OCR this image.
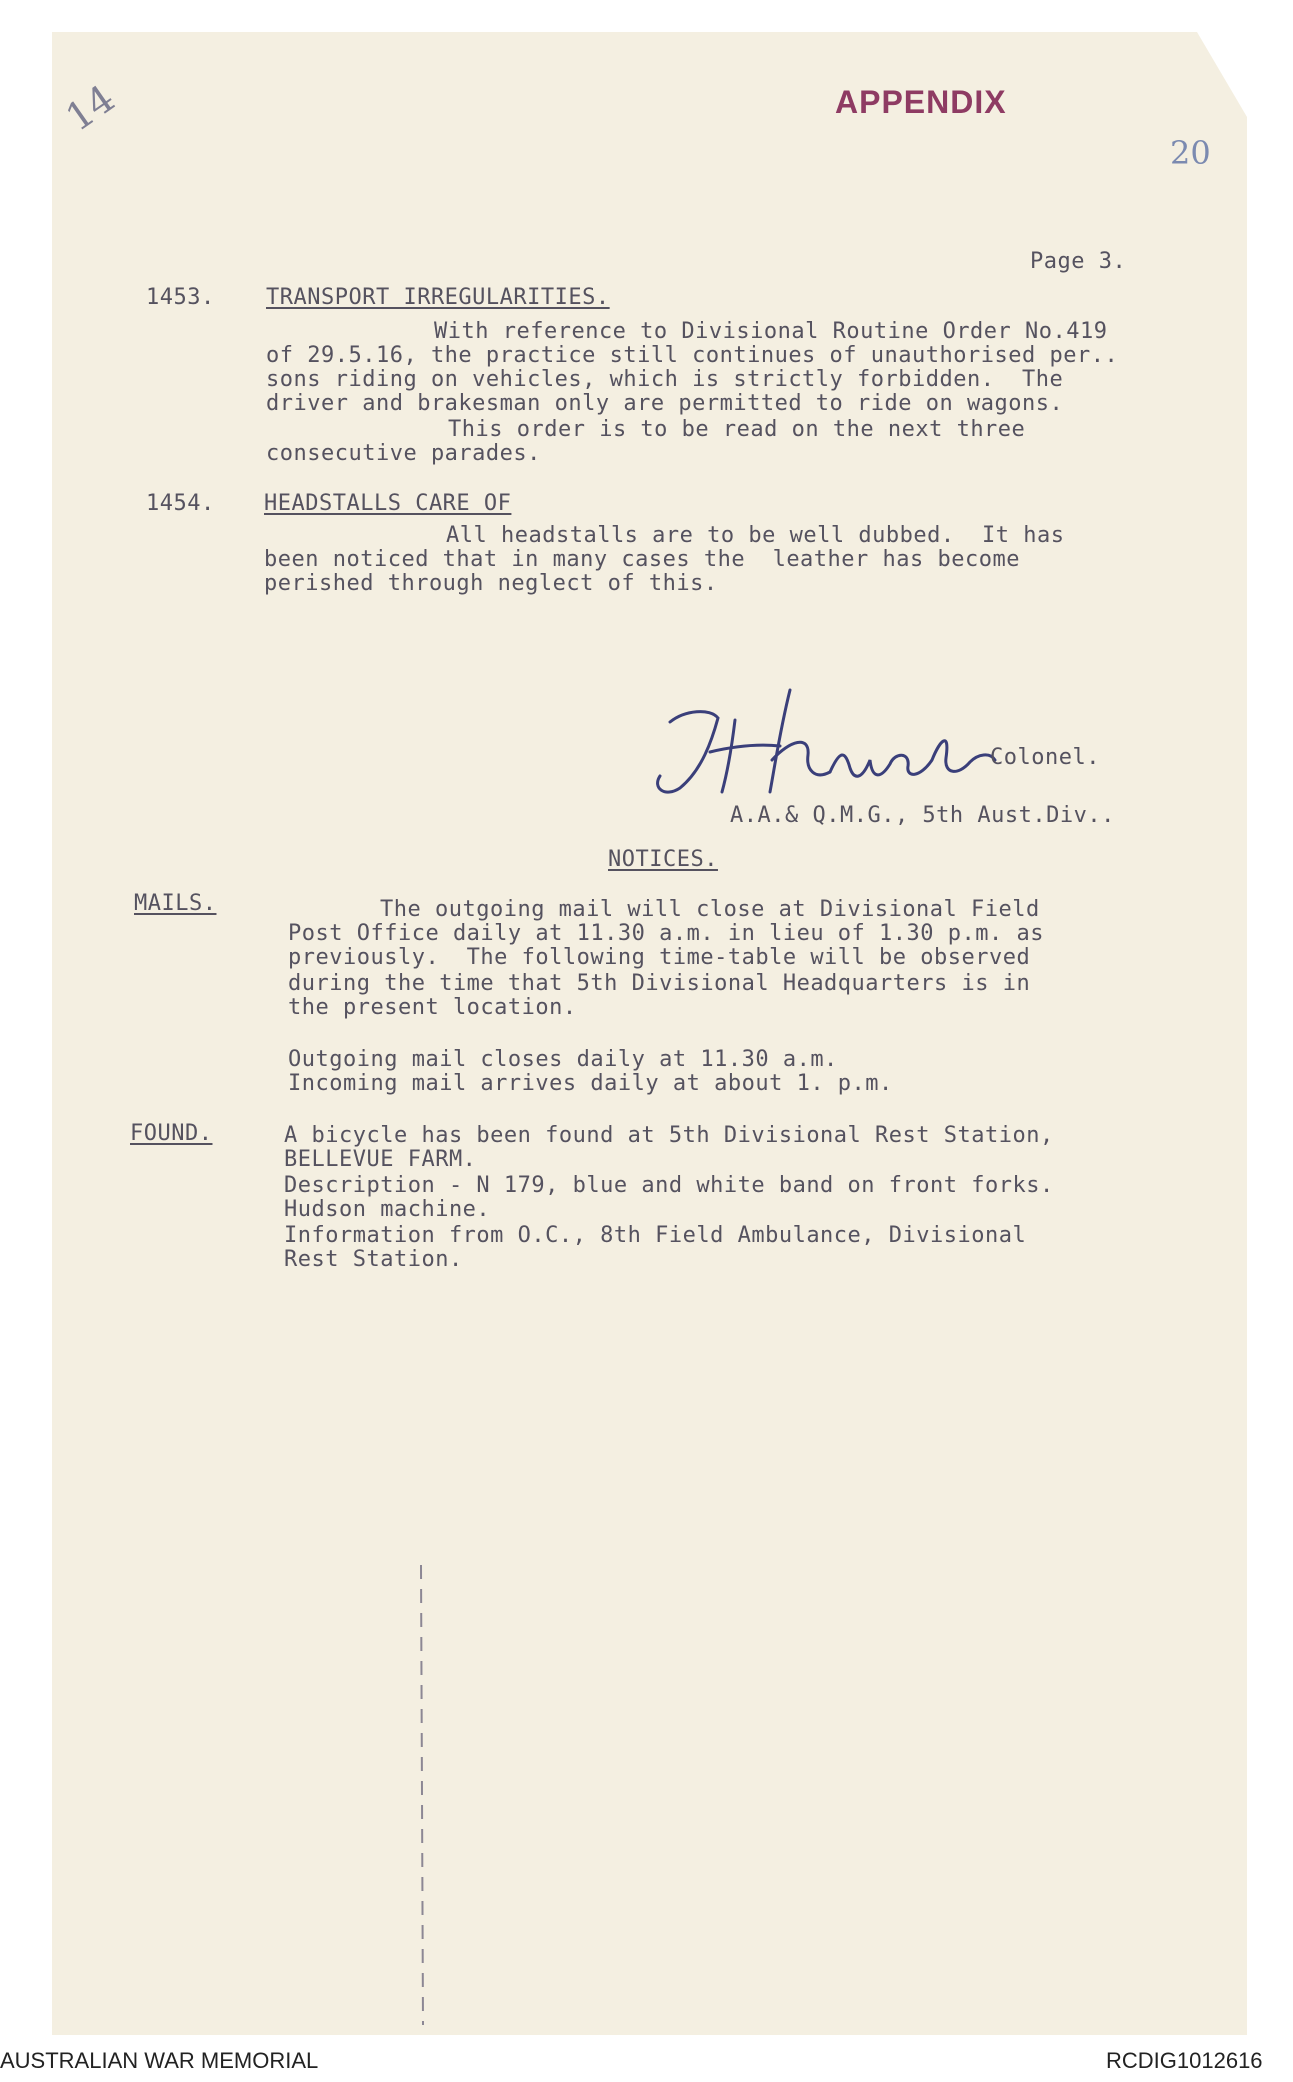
14
20
APPENDIX
Page 3.
1453. TRANSPORT IRREGULARITIES.
With reference to Divisional Routine Order No.419
of 29.5.16, the practice still continues of unauthorised per..
sons riding on vehicles, which is strictly forbidden.  The
driver and brakesman only are permitted to ride on wagons.
This order is to be read on the next three
consecutive parades.
1454. HEADSTALLS CARE OF
All headstalls are to be well dubbed.  It has
been noticed that in many cases the  leather has become
perished through neglect of this.
Colonel.
A.A.& Q.M.G., 5th Aust.Div..
NOTICES.
MAILS.	The outgoing mail will close at Divisional Field
Post Office daily at 11.30 a.m. in lieu of 1.30 p.m. as
previously.  The following time-table will be observed
during the time that 5th Divisional Headquarters is in
the present location.
Outgoing mail closes daily at 11.30 a.m.
Incoming mail arrives daily at about 1. p.m.
FOUND.	A bicycle has been found at 5th Divisional Rest Station,
BELLEVUE FARM.
Description - N 179, blue and white band on front forks.
Hudson machine.
Information from O.C., 8th Field Ambulance, Divisional
Rest Station.
AUSTRALIAN WAR MEMORIAL	RCDIG1012616
